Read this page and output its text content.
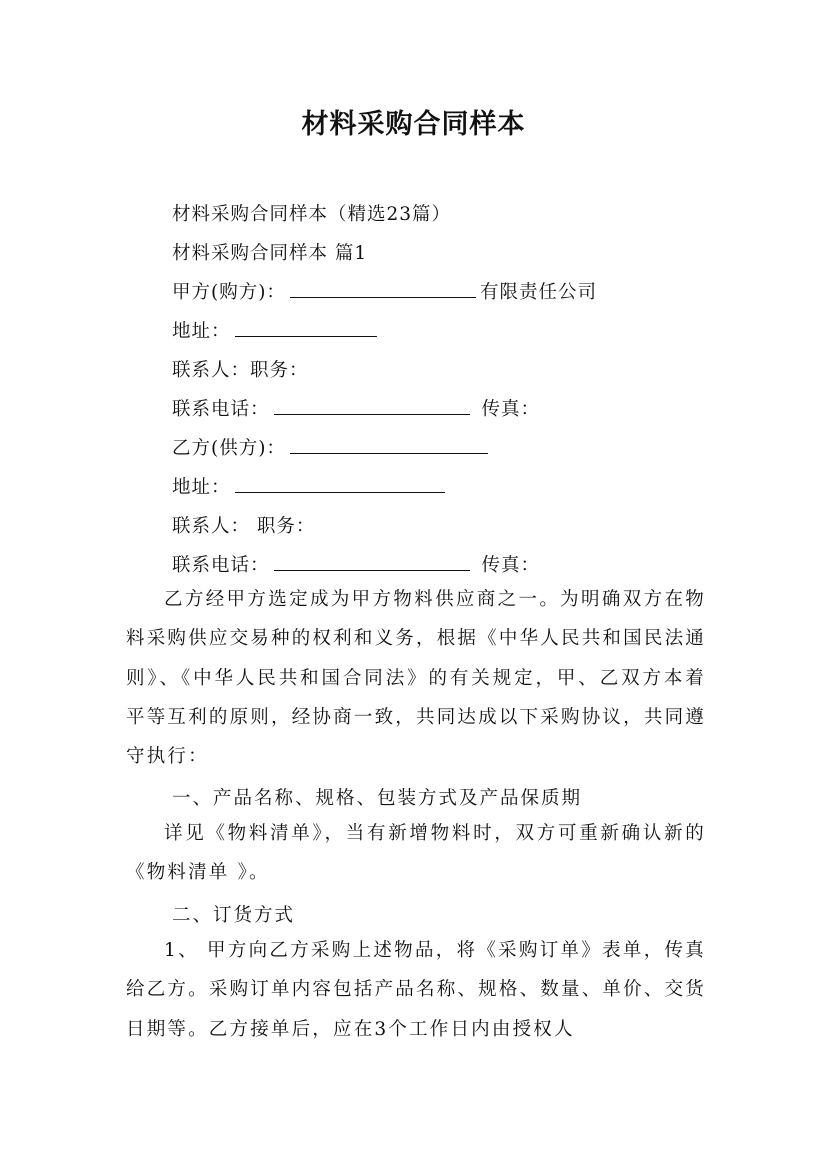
材料采购合同样本
材料采购合同样本（精选23篇）
材料采购合同样本 篇1
甲方(购方)：	有限责任公司
地址：
联系人：职务：
联系电话：	传真：
乙方(供方)：
地址：
联系人： 职务：
联系电话：	传真：
乙方经甲方选定成为甲方物料供应商之一。为明确双方在物料采购供应交易种的权利和义务，根据《中华人民共和国民法通则》、《中华人民共和国合同法》的有关规定，甲、乙双方本着平等互利的原则，经协商一致，共同达成以下采购协议，共同遵守执行：
一、产品名称、规格、包装方式及产品保质期
详见《物料清单》，当有新增物料时，双方可重新确认新的《物料清单 》。
二、订货方式
1、 甲方向乙方采购上述物品，将《采购订单》表单，传真给乙方。采购订单内容包括产品名称、规格、数量、单价、交货日期等。乙方接单后，应在3个工作日内由授权人
